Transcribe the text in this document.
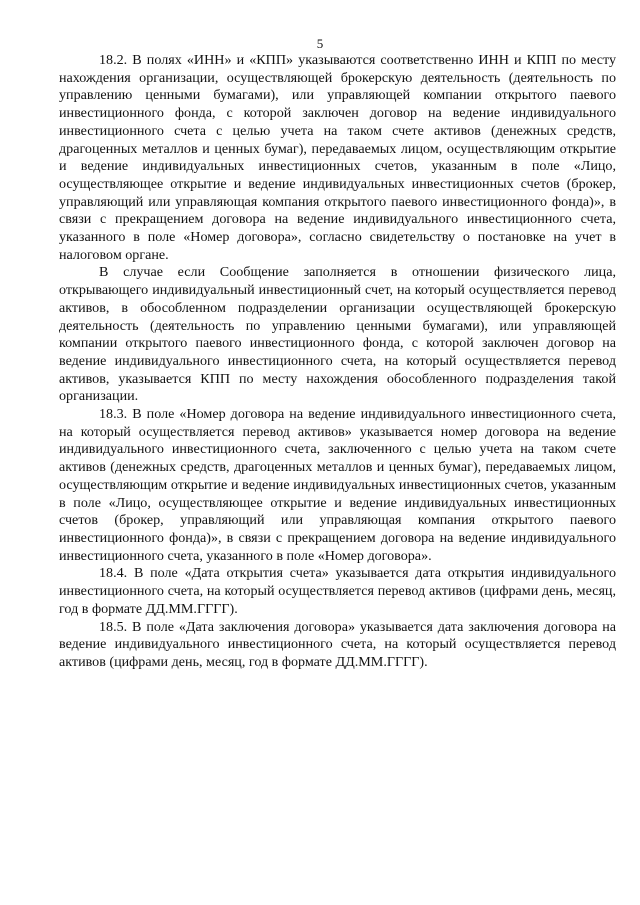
5

18.2. В полях «ИНН» и «КПП» указываются соответственно ИНН и КПП по месту нахождения организации, осуществляющей брокерскую деятельность (деятельность по управлению ценными бумагами), или управляющей компании открытого паевого инвестиционного фонда, с которой заключен договор на ведение индивидуального инвестиционного счета с целью учета на таком счете активов (денежных средств, драгоценных металлов и ценных бумаг), передаваемых лицом, осуществляющим открытие и ведение индивидуальных инвестиционных счетов, указанным в поле «Лицо, осуществляющее открытие и ведение индивидуальных инвестиционных счетов (брокер, управляющий или управляющая компания открытого паевого инвестиционного фонда)», в связи с прекращением договора на ведение индивидуального инвестиционного счета, указанного в поле «Номер договора», согласно свидетельству о постановке на учет в налоговом органе.

В случае если Сообщение заполняется в отношении физического лица, открывающего индивидуальный инвестиционный счет, на который осуществляется перевод активов, в обособленном подразделении организации осуществляющей брокерскую деятельность (деятельность по управлению ценными бумагами), или управляющей компании открытого паевого инвестиционного фонда, с которой заключен договор на ведение индивидуального инвестиционного счета, на который осуществляется перевод активов, указывается КПП по месту нахождения обособленного подразделения такой организации.

18.3. В поле «Номер договора на ведение индивидуального инвестиционного счета, на который осуществляется перевод активов» указывается номер договора на ведение индивидуального инвестиционного счета, заключенного с целью учета на таком счете активов (денежных средств, драгоценных металлов и ценных бумаг), передаваемых лицом, осуществляющим открытие и ведение индивидуальных инвестиционных счетов, указанным в поле «Лицо, осуществляющее открытие и ведение индивидуальных инвестиционных счетов (брокер, управляющий или управляющая компания открытого паевого инвестиционного фонда)», в связи с прекращением договора на ведение индивидуального инвестиционного счета, указанного в поле «Номер договора».

18.4. В поле «Дата открытия счета» указывается дата открытия индивидуального инвестиционного счета, на который осуществляется перевод активов (цифрами день, месяц, год в формате ДД.ММ.ГГГГ).

18.5. В поле «Дата заключения договора» указывается дата заключения договора на ведение индивидуального инвестиционного счета, на который осуществляется перевод активов (цифрами день, месяц, год в формате ДД.ММ.ГГГГ).
